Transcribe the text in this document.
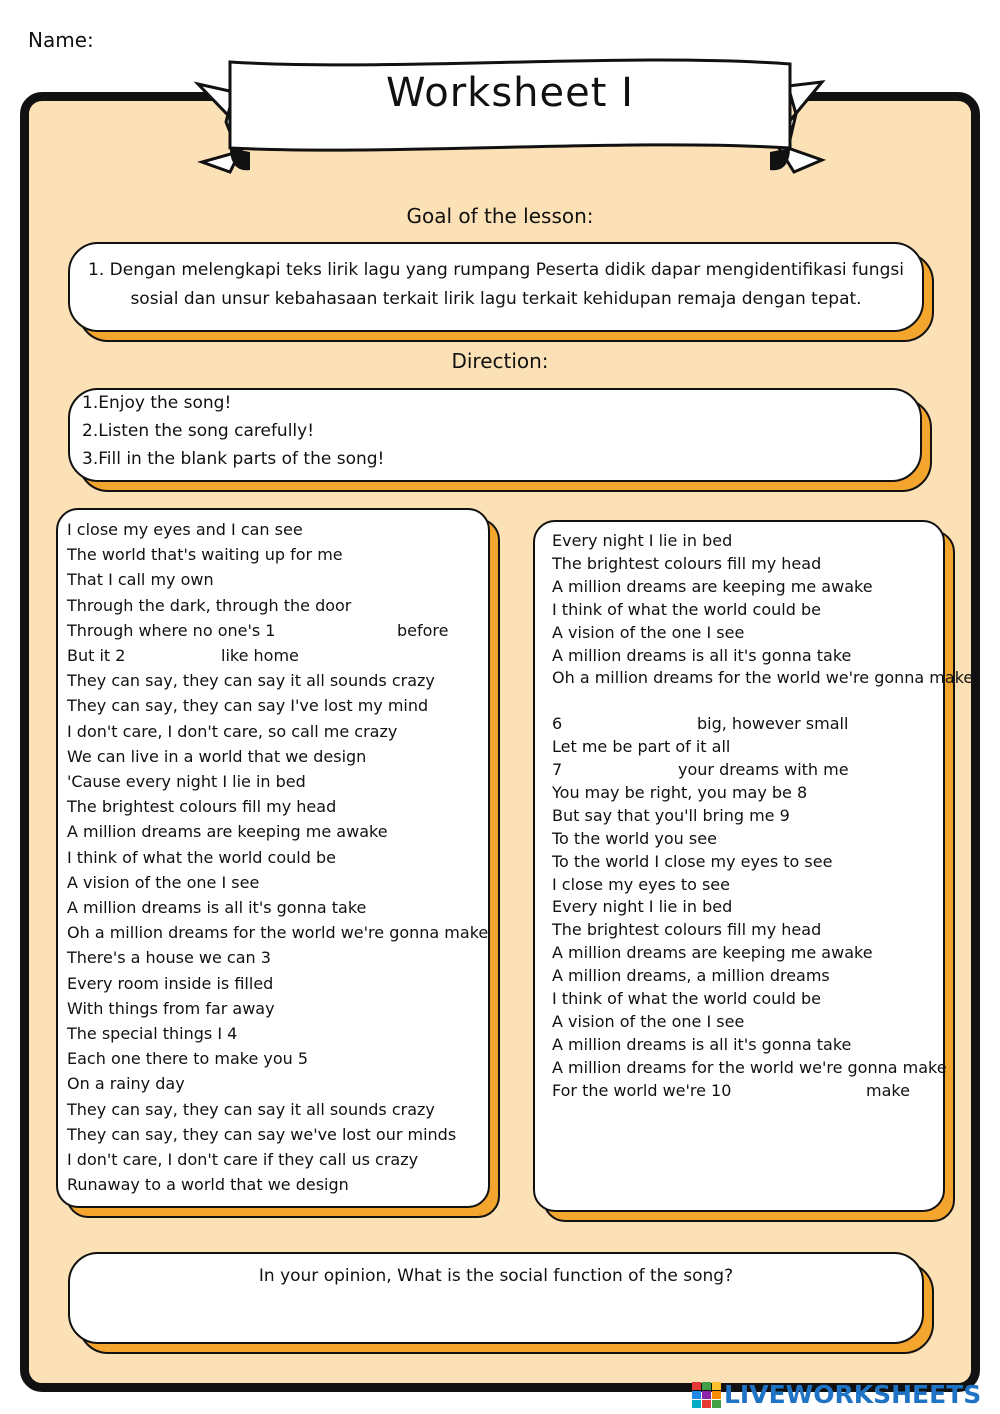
Name:
Worksheet I
Goal of the lesson:
1. Dengan melengkapi teks lirik lagu yang rumpang Peserta didik dapar mengidentifikasi fungsi
sosial dan unsur kebahasaan terkait lirik lagu terkait kehidupan remaja dengan tepat.
Direction:
1.Enjoy the song!
2.Listen the song carefully!
3.Fill in the blank parts of the song!
I close my eyes and I can see
The world that's waiting up for me
That I call my own
Through the dark, through the door
Through where no one's 1
But it 2
They can say, they can say it all sounds crazy
They can say, they can say I've lost my mind
I don't care, I don't care, so call me crazy
We can live in a world that we design
'Cause every night I lie in bed
The brightest colours fill my head
A million dreams are keeping me awake
I think of what the world could be
A vision of the one I see
A million dreams is all it's gonna take
Oh a million dreams for the world we're gonna make
There's a house we can 3
Every room inside is filled
With things from far away
The special things I 4
Each one there to make you 5
On a rainy day
They can say, they can say it all sounds crazy
They can say, they can say we've lost our minds
I don't care, I don't care if they call us crazy
Runaway to a world that we design
before
like home
Every night I lie in bed
The brightest colours fill my head
A million dreams are keeping me awake
I think of what the world could be
A vision of the one I see
A million dreams is all it's gonna take
Oh a million dreams for the world we're gonna make
6	big, however small
Let me be part of it all
7	your dreams with me
You may be right, you may be 8
But say that you'll bring me 9
To the world you see
To the world I close my eyes to see
I close my eyes to see
Every night I lie in bed
The brightest colours fill my head
A million dreams are keeping me awake
A million dreams, a million dreams
I think of what the world could be
A vision of the one I see
A million dreams is all it's gonna take
A million dreams for the world we're gonna make
For the world we're 10	make
In your opinion, What is the social function of the song?
LIVEWORKSHEETS
